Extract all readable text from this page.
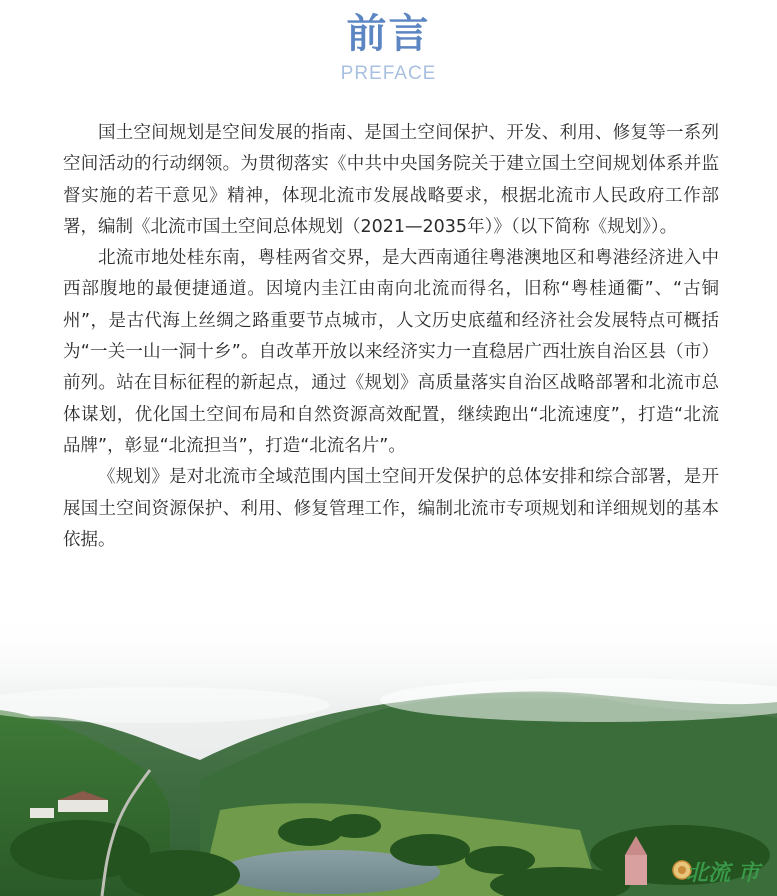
前言
PREFACE

国土空间规划是空间发展的指南、是国土空间保护、开发、利用、修复等一系列空间活动的行动纲领。为贯彻落实《中共中央国务院关于建立国土空间规划体系并监督实施的若干意见》精神，体现北流市发展战略要求，根据北流市人民政府工作部署，编制《北流市国土空间总体规划（2021—2035年）》（以下简称《规划》）。

北流市地处桂东南，粤桂两省交界，是大西南通往粤港澳地区和粤港经济进入中西部腹地的最便捷通道。因境内圭江由南向北流而得名，旧称“粤桂通衢”、“古铜州”，是古代海上丝绸之路重要节点城市，人文历史底蕴和经济社会发展特点可概括为“一关一山一洞十乡”。自改革开放以来经济实力一直稳居广西壮族自治区县（市）前列。站在目标征程的新起点，通过《规划》高质量落实自治区战略部署和北流市总体谋划，优化国土空间布局和自然资源高效配置，继续跑出“北流速度”，打造“北流品牌”，彰显“北流担当”，打造“北流名片”。

《规划》是对北流市全域范围内国土空间开发保护的总体安排和综合部署，是开展国土空间资源保护、利用、修复管理工作，编制北流市专项规划和详细规划的基本依据。

北流 市
